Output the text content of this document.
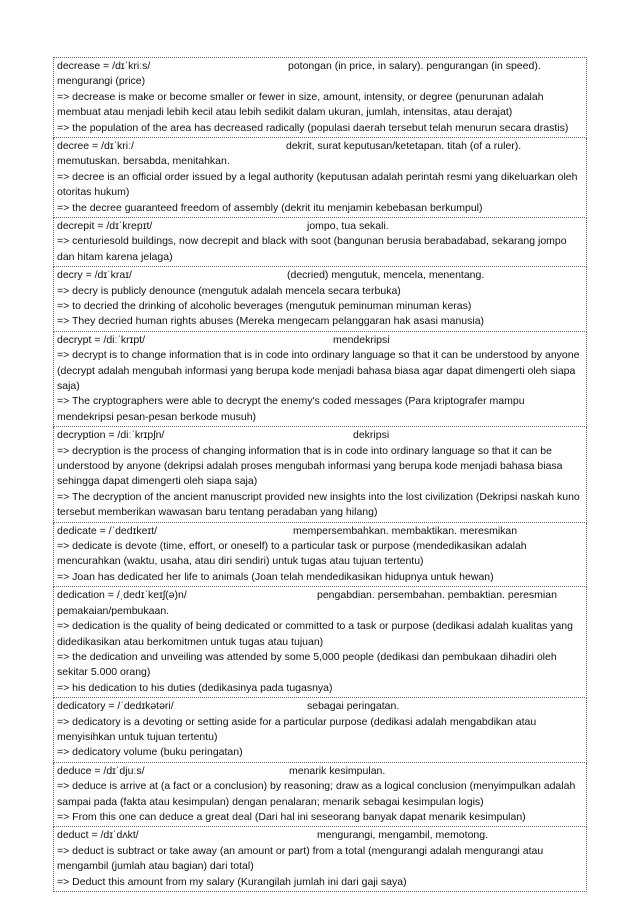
decrease = /dɪˈkriːs/	potongan (in price, in salary). pengurangan (in speed).
mengurangi (price)
=> decrease is make or become smaller or fewer in size, amount, intensity, or degree (penurunan adalah membuat atau menjadi lebih kecil atau lebih sedikit dalam ukuran, jumlah, intensitas, atau derajat)
=> the population of the area has decreased radically (populasi daerah tersebut telah menurun secara drastis)
decree = /dɪˈkriː/	dekrit, surat keputusan/ketetapan. titah (of a ruler).
memutuskan. bersabda, menitahkan.
=> decree is an official order issued by a legal authority (keputusan adalah perintah resmi yang dikeluarkan oleh otoritas hukum)
=> the decree guaranteed freedom of assembly (dekrit itu menjamin kebebasan berkumpul)
decrepit = /dɪˈkrepɪt/	jompo, tua sekali.
=> centuriesold buildings, now decrepit and black with soot (bangunan berusia berabadabad, sekarang jompo dan hitam karena jelaga)
decry = /dɪˈkraɪ/	(decried) mengutuk, mencela, menentang.
=> decry is publicly denounce (mengutuk adalah mencela secara terbuka)
=> to decried the drinking of alcoholic beverages (mengutuk peminuman minuman keras)
=> They decried human rights abuses (Mereka mengecam pelanggaran hak asasi manusia)
decrypt = /diːˈkrɪpt/	mendekripsi
=> decrypt is to change information that is in code into ordinary language so that it can be understood by anyone (decrypt adalah mengubah informasi yang berupa kode menjadi bahasa biasa agar dapat dimengerti oleh siapa saja)
=> The cryptographers were able to decrypt the enemy's coded messages (Para kriptografer mampu mendekripsi pesan-pesan berkode musuh)
decryption = /diːˈkrɪpʃn/	dekripsi
=> decryption is the process of changing information that is in code into ordinary language so that it can be understood by anyone (dekripsi adalah proses mengubah informasi yang berupa kode menjadi bahasa biasa sehingga dapat dimengerti oleh siapa saja)
=> The decryption of the ancient manuscript provided new insights into the lost civilization (Dekripsi naskah kuno tersebut memberikan wawasan baru tentang peradaban yang hilang)
dedicate = /ˈdedɪkeɪt/	mempersembahkan. membaktikan. meresmikan
=> dedicate is devote (time, effort, or oneself) to a particular task or purpose (mendedikasikan adalah mencurahkan (waktu, usaha, atau diri sendiri) untuk tugas atau tujuan tertentu)
=> Joan has dedicated her life to animals (Joan telah mendedikasikan hidupnya untuk hewan)
dedication = /ˌdedɪˈkeɪʃ(ə)n/	pengabdian. persembahan. pembaktian. peresmian
pemakaian/pembukaan.
=> dedication is the quality of being dedicated or committed to a task or purpose (dedikasi adalah kualitas yang didedikasikan atau berkomitmen untuk tugas atau tujuan)
=> the dedication and unveiling was attended by some 5,000 people (dedikasi dan pembukaan dihadiri oleh sekitar 5.000 orang)
=> his dedication to his duties (dedikasinya pada tugasnya)
dedicatory = /ˈdedɪkətəri/	sebagai peringatan.
=> dedicatory is a devoting or setting aside for a particular purpose (dedikasi adalah mengabdikan atau menyisihkan untuk tujuan tertentu)
=> dedicatory volume (buku peringatan)
deduce = /dɪˈdjuːs/	menarik kesimpulan.
=> deduce is arrive at (a fact or a conclusion) by reasoning; draw as a logical conclusion (menyimpulkan adalah sampai pada (fakta atau kesimpulan) dengan penalaran; menarik sebagai kesimpulan logis)
=> From this one can deduce a great deal (Dari hal ini seseorang banyak dapat menarik kesimpulan)
deduct = /dɪˈdʌkt/	mengurangi, mengambil, memotong.
=> deduct is subtract or take away (an amount or part) from a total (mengurangi adalah mengurangi atau mengambil (jumlah atau bagian) dari total)
=> Deduct this amount from my salary (Kurangilah jumlah ini dari gaji saya)
